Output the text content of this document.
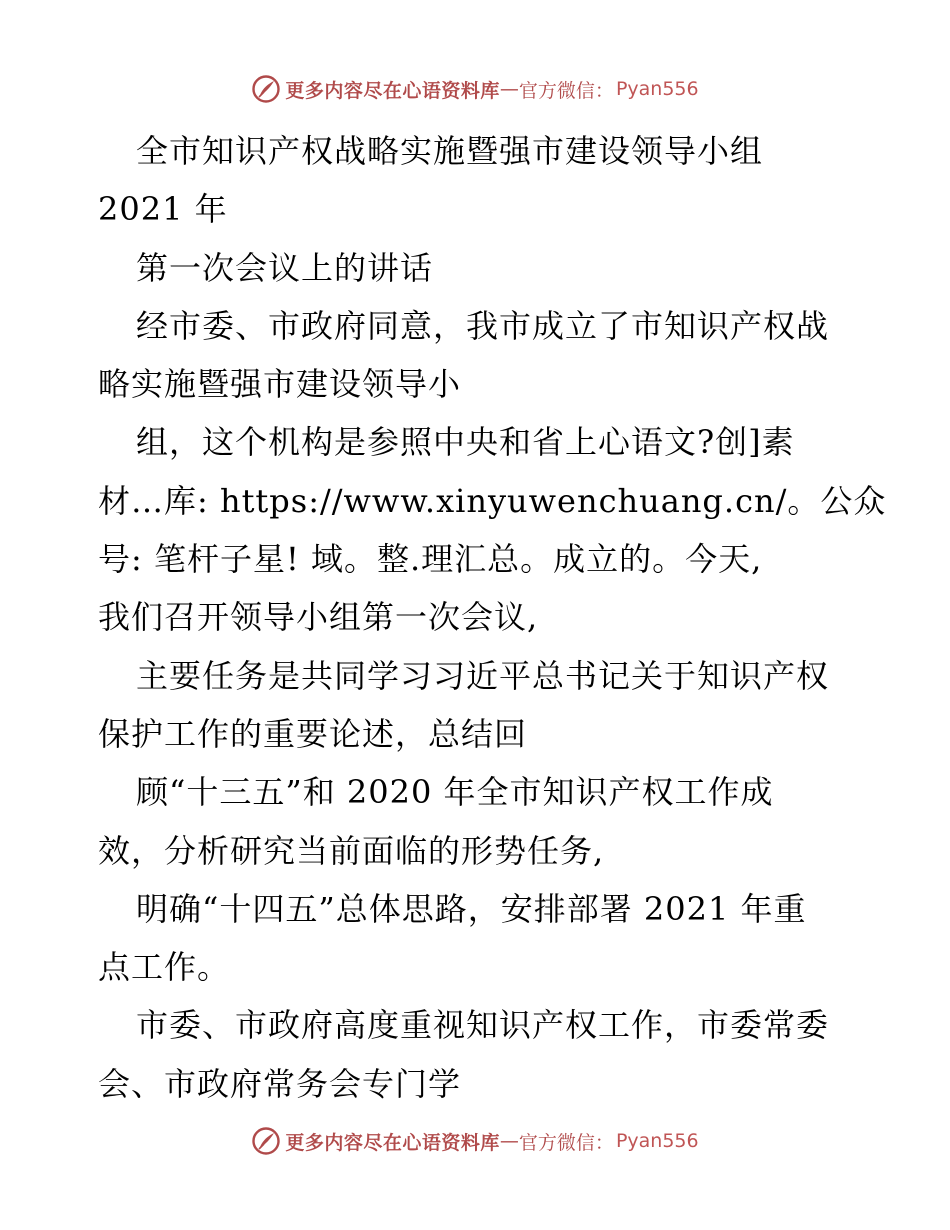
更多内容尽在心语资料库 — 官方微信： Pyan556
全市知识产权战略实施暨强市建设领导小组
2021 年
第一次会议上的讲话
经市委、市政府同意，我市成立了市知识产权战
略实施暨强市建设领导小
组，这个机构是参照中央和省上心语文?创]素
材…库: https://www.xinyuwenchuang.cn/。公众
号: 笔杆子星! 域。整.理汇总。成立的。今天,
我们召开领导小组第一次会议,
主要任务是共同学习习近平总书记关于知识产权
保护工作的重要论述，总结回
顾“十三五”和 2020 年全市知识产权工作成
效，分析研究当前面临的形势任务,
明确“十四五”总体思路，安排部署 2021 年重
点工作。
市委、市政府高度重视知识产权工作，市委常委
会、市政府常务会专门学
更多内容尽在心语资料库 — 官方微信： Pyan556
